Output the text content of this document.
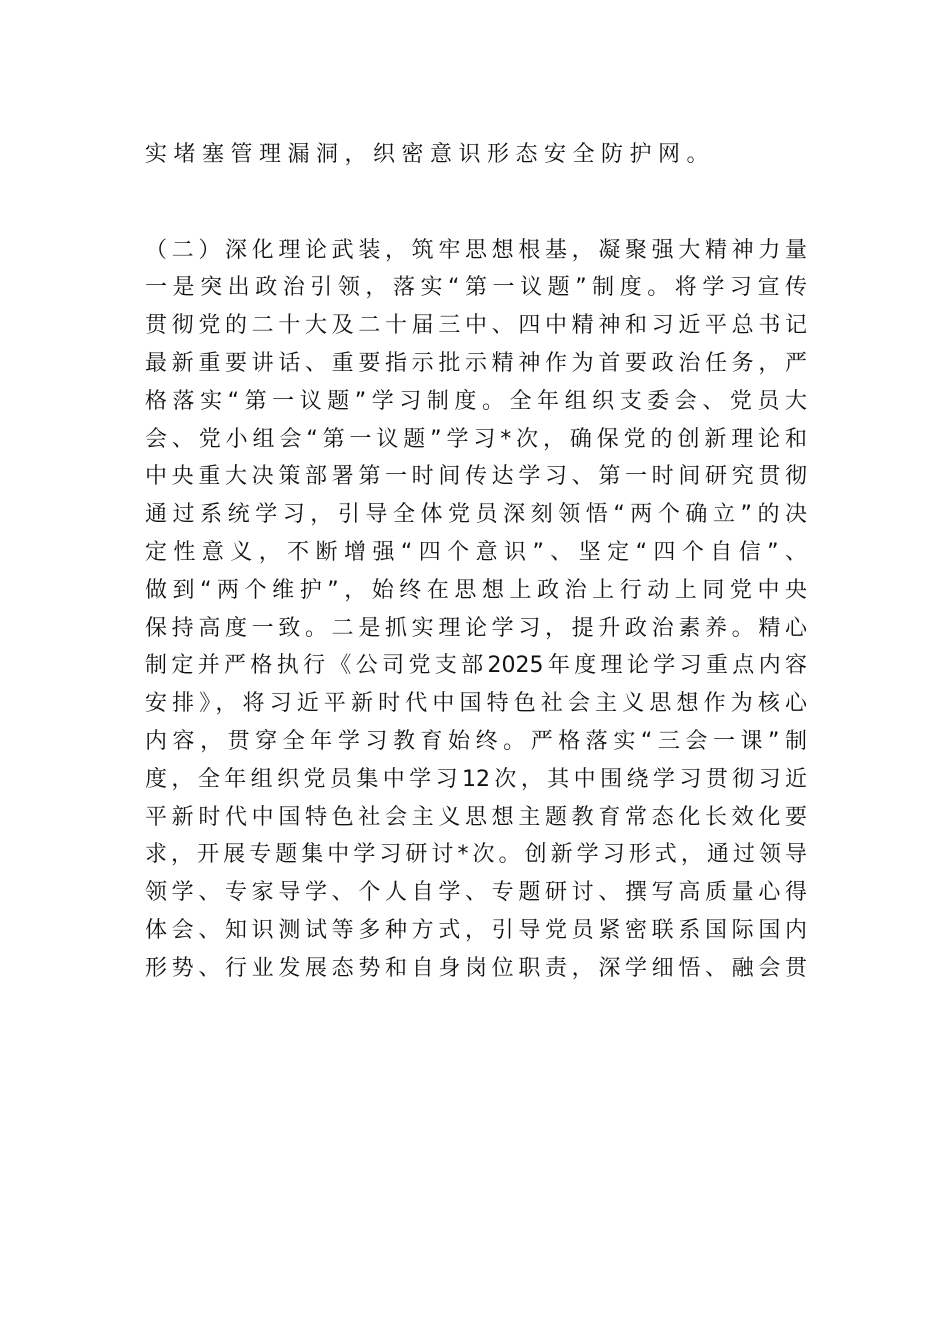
实堵塞管理漏洞，织密意识形态安全防护网。
（二）深化理论武装，筑牢思想根基，凝聚强大精神力量
一是突出政治引领，落实“第一议题”制度。将学习宣传
贯彻党的二十大及二十届三中、四中精神和习近平总书记
最新重要讲话、重要指示批示精神作为首要政治任务，严
格落实“第一议题”学习制度。全年组织支委会、党员大
会、党小组会“第一议题”学习*次，确保党的创新理论和
中央重大决策部署第一时间传达学习、第一时间研究贯彻
通过系统学习，引导全体党员深刻领悟“两个确立”的决
定性意义，不断增强“四个意识”、坚定“四个自信”、
做到“两个维护”，始终在思想上政治上行动上同党中央
保持高度一致。二是抓实理论学习，提升政治素养。精心
制定并严格执行《公司党支部2025年度理论学习重点内容
安排》，将习近平新时代中国特色社会主义思想作为核心
内容，贯穿全年学习教育始终。严格落实“三会一课”制
度，全年组织党员集中学习12次，其中围绕学习贯彻习近
平新时代中国特色社会主义思想主题教育常态化长效化要
求，开展专题集中学习研讨*次。创新学习形式，通过领导
领学、专家导学、个人自学、专题研讨、撰写高质量心得
体会、知识测试等多种方式，引导党员紧密联系国际国内
形势、行业发展态势和自身岗位职责，深学细悟、融会贯
